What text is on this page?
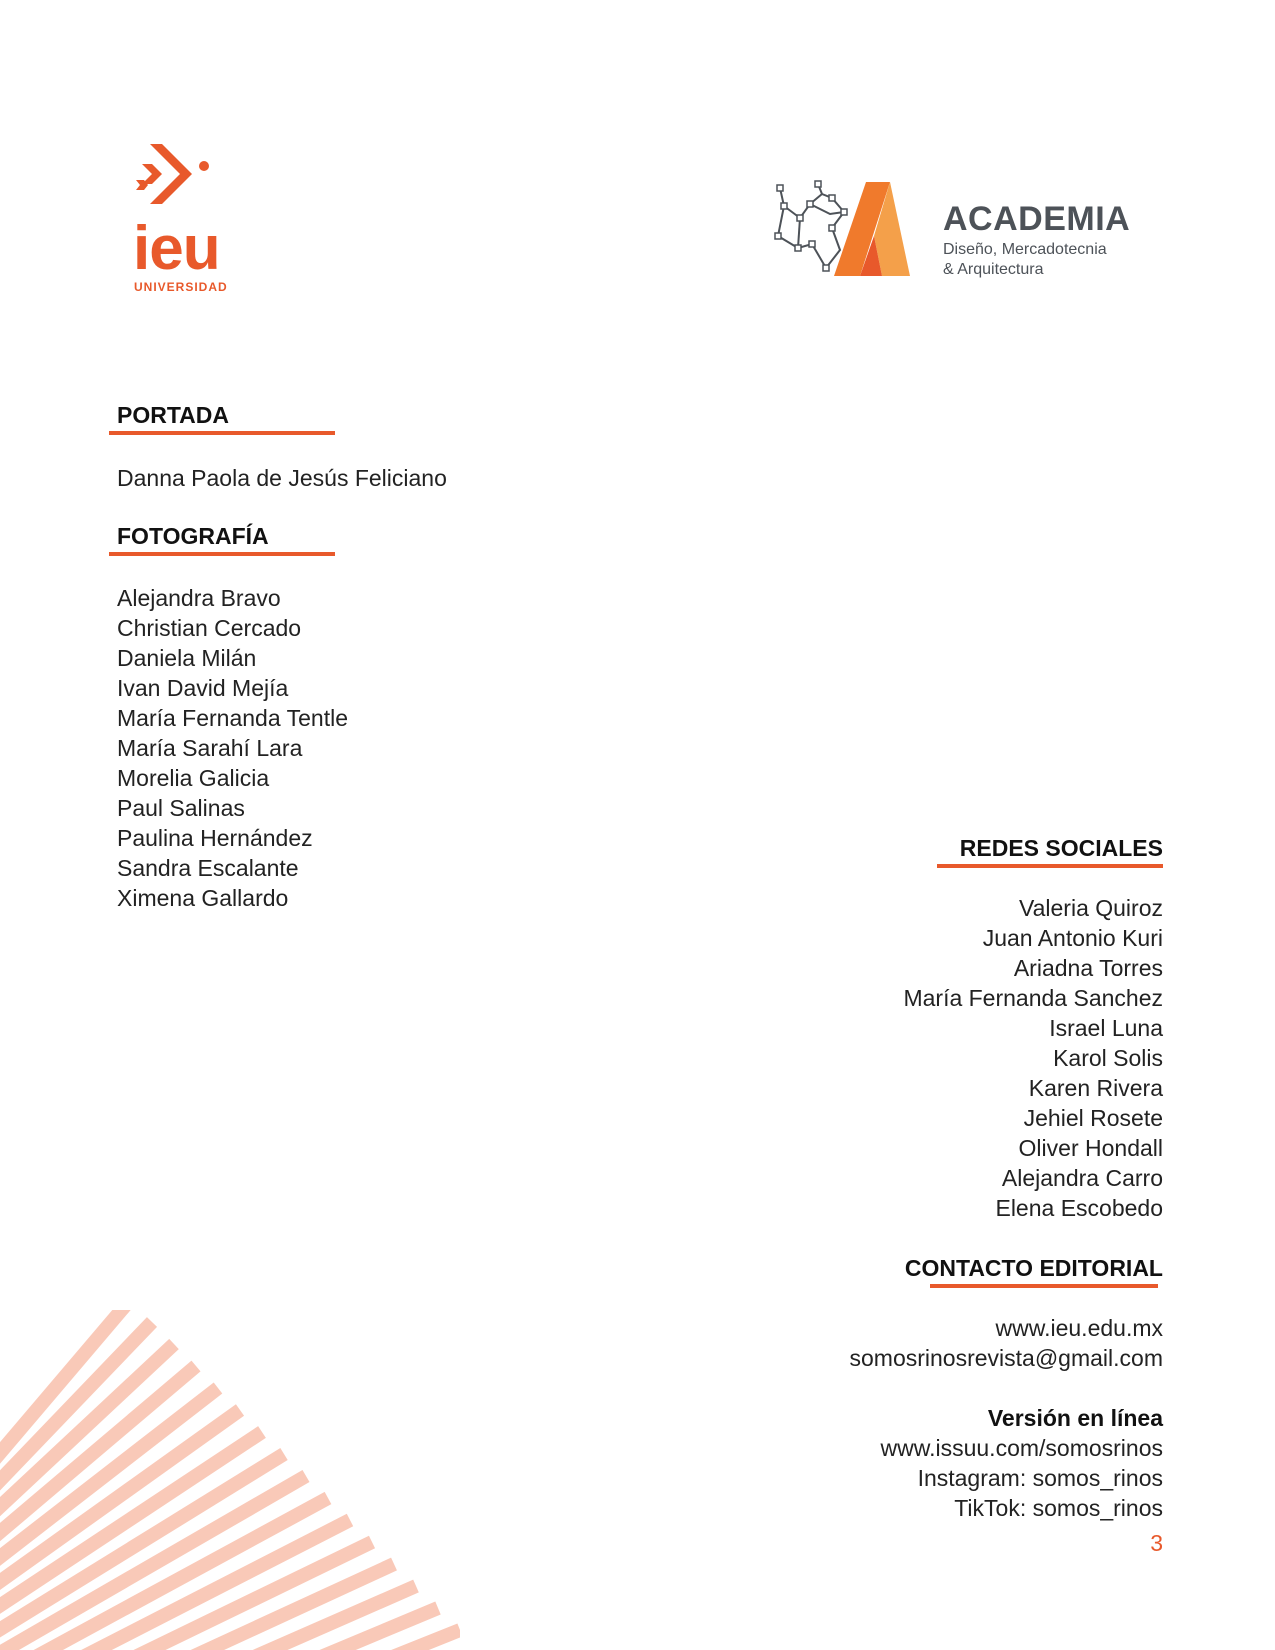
ieu
UNIVERSIDAD
ACADEMIA
Diseño, Mercadotecnia
& Arquitectura
PORTADA
Danna Paola de Jesús Feliciano
FOTOGRAFÍA
Alejandra Bravo
Christian Cercado
Daniela Milán
Ivan David Mejía
María Fernanda Tentle
María Sarahí Lara
Morelia Galicia
Paul Salinas
Paulina Hernández
Sandra Escalante
Ximena Gallardo
REDES SOCIALES
Valeria Quiroz
Juan Antonio Kuri
Ariadna Torres
María Fernanda Sanchez
Israel Luna
Karol Solis
Karen Rivera
Jehiel Rosete
Oliver Hondall
Alejandra Carro
Elena Escobedo
CONTACTO EDITORIAL
www.ieu.edu.mx
somosrinosrevista@gmail.com
Versión en línea
www.issuu.com/somosrinos
Instagram: somos_rinos
TikTok: somos_rinos
3
